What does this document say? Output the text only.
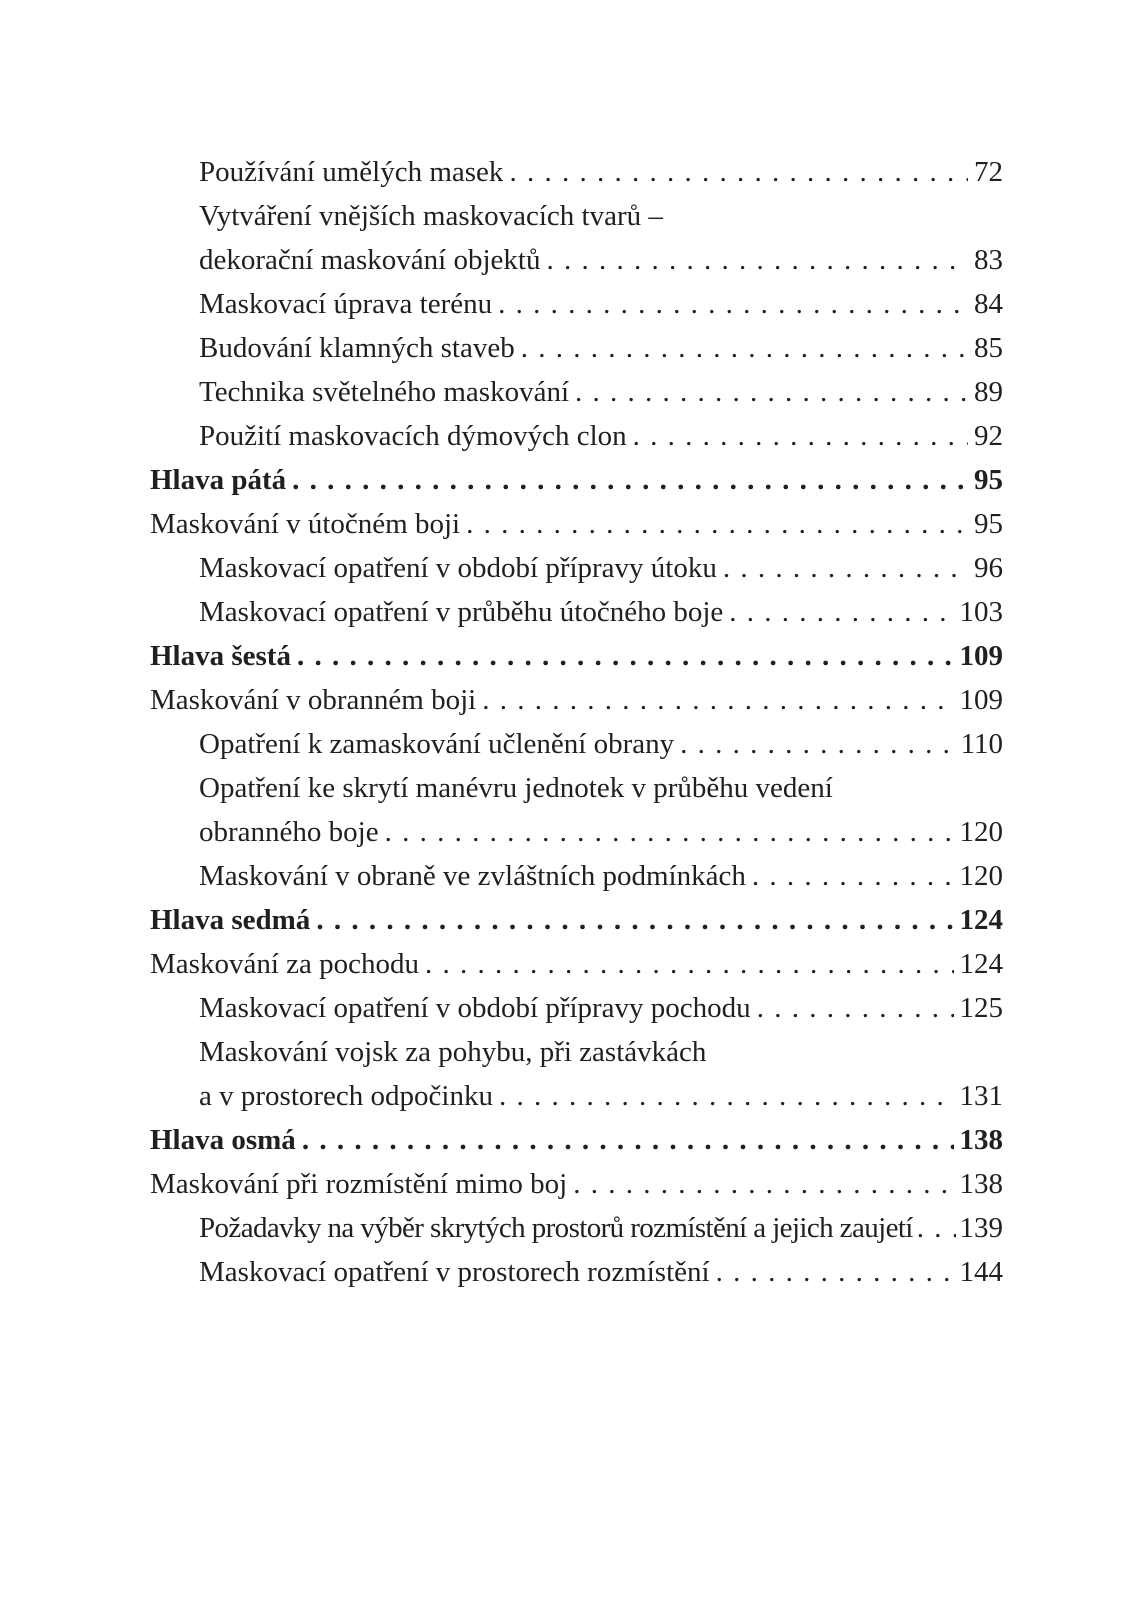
Používání umělých masek . . .	72
Vytváření vnějších maskovacích tvarů –
dekorační maskování objektů . . .	83
Maskovací úprava terénu . . .	84
Budování klamných staveb . . .	85
Technika světelného maskování . . .	89
Použití maskovacích dýmových clon . . .	92
Hlava pátá . . .	95
Maskování v útočném boji . . .	95
Maskovací opatření v období přípravy útoku . . .	96
Maskovací opatření v průběhu útočného boje . . .	103
Hlava šestá . . .	109
Maskování v obranném boji . . .	109
Opatření k zamaskování učlenění obrany . . .	110
Opatření ke skrytí manévru jednotek v průběhu vedení
obranného boje . . .	120
Maskování v obraně ve zvláštních podmínkách . . .	120
Hlava sedmá . . .	124
Maskování za pochodu . . .	124
Maskovací opatření v období přípravy pochodu . . .	125
Maskování vojsk za pohybu, při zastávkách
a v prostorech odpočinku . . .	131
Hlava osmá . . .	138
Maskování při rozmístění mimo boj . . .	138
Požadavky na výběr skrytých prostorů rozmístění a jejich zaujetí . . . 139
Maskovací opatření v prostorech rozmístění . . .	144
